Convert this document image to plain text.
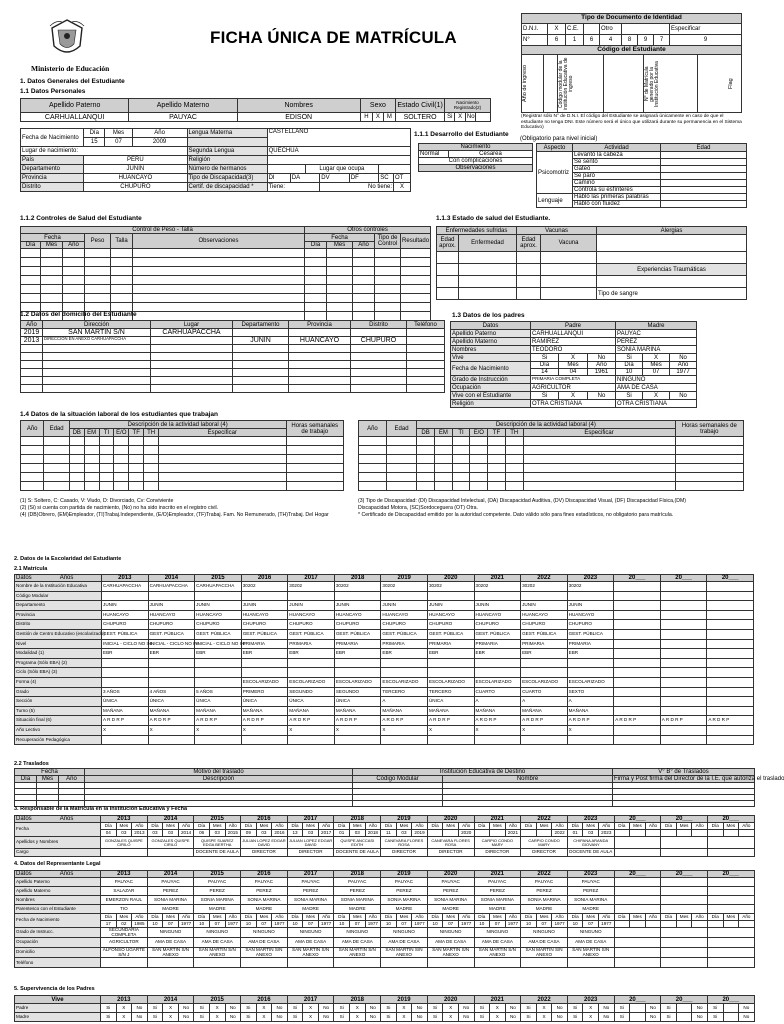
Ministerio de Educación
FICHA ÚNICA DE MATRÍCULA
Tipo de Documento de Identidad								
D.N.I.	X	C.E.		Otro				Especificar
N°	6	1	6	4	8	9	7	9
Código del Estudiante

Año de ingreso		Código modular de la institución Educativa de ingreso		N° de Matrícula generado por la Institución Educativa	Flag
(Registrar sólo N° de D.N.I. El código del Estudiante se asignará únicamente en caso de que el estudiante no tenga DNI. Este número será el único que utilizará durante su permanencia en el Sistema Educativo)
1. Datos Generales del Estudiante
1.1 Datos Personales
Apellido Paterno	Apellido Materno	Nombres	Sexo			Estado Civil(1)	Nacimiento Registrado(2)			
CARHUALLANQUI	PAUYAC	EDISON	H	X	M	SOLTERO	Si	X	No	
Fecha de Nacimiento	Día	Mes	Año	Lengua Materna	CASTELLANO						
	15	07	2009								
Lugar de nacimiento:				Segunda Lengua	QUECHUA						
País	PERÚ			Religión							
Departamento	JUNIN			Número de hermanos			Lugar que ocupa				
Provincia	HUANCAYO			Tipo de Discapacidad(3)	DI	DA		DV	DF	SC	OT
Distrito	CHUPURO			Certif. de discapacidad *	Tiene:			No tiene:			X
1.1.1 Desarrollo del Estudiante
(Obligatorio para nivel inicial)
Nacimiento
Normal	Cesarea
Con complicaciones
Observaciones
Aspecto	Actividad	Edad
Psicomotriz	Levantó la cabeza	
	Se sentó	
	Gateó	
	Se paró	
	Caminó	
	Controla su esfínteres	
Lenguaje	Habló las primeras palabras	
	Habló con fluidez	
1.1.2 Controles de Salud del Estudiante
Control de Peso - Talla						Otros controles				
Fecha			Peso	Talla	Observaciones	Fecha			Tipo de Control	Resultado
Día	Mes	Año				Día	Mes	Año		

1.1.3 Estado de salud del Estudiante.
Enfermedades sufridas		Vacunas		Alergias
Edad aprox.	Enfermedad	Edad aprox.	Vacuna	

				Experiencias Traumáticas

				Tipo de sangre
1.2 Datos del domicilio del Estudiante
Año	Dirección	Lugar	Departamento	Provincia	Distrito	Teléfono
2019	SAN MARTIN S/N	CARHUAPACCHA				
2013	DIRECCION EN ANEXO CARHUAPACCHA		JUNIN	HUANCAYO	CHUPURO	

1.3 Datos de los padres
Datos	Padre			Madre		
Apellido Paterno	CARHUALLANQUI			PAUYAC		
Apellido Materno	RAMIREZ			PEREZ		
Nombres	TEODORO			SONIA MARINA		
Vive	Si	X	No	Si	X	No
Fecha de Nacimiento	Día	Mes	Año	Día	Mes	Año
	14	04	1961	10	07	1977
Grado de Instrucción	PRIMARIA COMPLETA			NINGUNO		
Ocupación	AGRICULTOR			AMA DE CASA		
Vive con el Estudiante	Si	X	No	Si	X	No
Religión	OTRA CRISTIANA			OTRA CRISTIANA		
1.4 Datos de la situación laboral de los estudiantes que trabajan
Año	Edad	Descripción de la actividad laboral (4)							Horas semanales de trabajo
		DB	EM	TI	E/O	TF	TH	Especificar	

Año	Edad	Descripción de la actividad laboral (4)							Horas semanales de trabajo
		DB	EM	TI	E/O	TF	TH	Especificar	

(1) S: Soltero, C: Casado, V: Viudo, D: Divorciado, Cv: Conviviente
(2) (Si) si cuenta con partida de nacimiento, (No) no ha sido inscrito en el registro civil.
(4) (DB)Obrero, (EM)Empleador, (TI)Trabaj.Independiente, (E/O)Empleador, (TF)Trabaj. Fam. No Remunerado, (TH)Trabaj. Del Hogar
(3) Tipo de Discapacidad: (DI) Discapacidad Intelectual, (DA) Discapacidad Auditiva, (DV) Discapacidad Visual, (DF) Discapacidad Física,(DM) Discapacidad Motora, (SC)Sordoceguera (OT) Otra.
* Certificado de Discapacidad emitido por la autoridad competente. Dato válido sólo para fines estadísticos, no obligatorio para matrícula.
2. Datos de la Escolaridad del Estudiante
2.1 Matrícula
Datos Años	2013	2014	2015	2016	2017	2018	2019	2020	2021	2022	2023	20___	20___	20___
Nombre de la Institución Educativa	CARHUAPACCHA	CARHUAPACCHA	CARHUAPACCHA	30202	30202	30202	30202	30202	30202	30202	30202			
Código Modular														
Departamento	JUNIN	JUNIN	JUNIN	JUNIN	JUNIN	JUNIN	JUNIN	JUNIN	JUNIN	JUNIN	JUNIN			
Provincia	HUANCAYO	HUANCAYO	HUANCAYO	HUANCAYO	HUANCAYO	HUANCAYO	HUANCAYO	HUANCAYO	HUANCAYO	HUANCAYO	HUANCAYO			
Distrito	CHUPURO	CHUPURO	CHUPURO	CHUPURO	CHUPURO	CHUPURO	CHUPURO	CHUPURO	CHUPURO	CHUPURO	CHUPURO			
Gestión de Centro Educativo (escolarizado)	GEST. PÚBLICA	GEST. PÚBLICA	GEST. PÚBLICA	GEST. PÚBLICA	GEST. PÚBLICA	GEST. PÚBLICA	GEST. PÚBLICA	GEST. PÚBLICA	GEST. PÚBLICA	GEST. PÚBLICA	GEST. PÚBLICA			
Nivel	INICIAL - CICLO NO INI	INICIAL - CICLO NO INI	INICIAL - CICLO NO INI	PRIMARIA	PRIMARIA	PRIMARIA	PRIMARIA	PRIMARIA	PRIMARIA	PRIMARIA	PRIMARIA			
Modalidad (1)	EBR	EBR	EBR	EBR	EBR	EBR	EBR	EBR	EBR	EBR	EBR			
Programa (Sólo EBA) (2)														
Ciclo (Sólo EBA) (3)														
Forma (4)				ESCOLARIZADO	ESCOLARIZADO	ESCOLARIZADO	ESCOLARIZADO	ESCOLARIZADO	ESCOLARIZADO	ESCOLARIZADO	ESCOLARIZADO			
Grado	3 AÑOS	4 AÑOS	5 AÑOS	PRIMERO	SEGUNDO	SEGUNDO	TERCERO	TERCERO	CUARTO	CUARTO	SEXTO			
Sección	ÚNICA	ÚNICA	ÚNICA	ÚNICA	ÚNICA	ÚNICA	A	ÚNICA	A	A	A			
Turno (5)	MAÑANA	MAÑANA	MAÑANA	MAÑANA	MAÑANA	MAÑANA	MAÑANA	MAÑANA	MAÑANA	MAÑANA	MAÑANA			
Situación final (6)	A R D R P	A R D R P	A R D R P	A R D R P	A R D R P	A R D R P	A R D R P	A R D R P	A R D R P	A R D R P	A R D R P	A R D R P	A R D R P	A R D R P
Año Lectivo	X	X	X	X	X	X	X	X	X	X	X			
Recuperación Pedagógica														
2.2 Traslados
Fecha			Motivo del traslado	Institución Educativa de Destino		V° B° de Traslados
Día	Mes	Año	Descripción	Código Modular	Nombre	Firma y Post firma del Director de la I.E. que autoriza el traslado

3. Responsable de la Matrícula en la Institución Educativa y Fecha
Datos Años	2013			2014			2015			2016			2017			2018			2019			2020			2021			2022			2023			20___			20___			20___		
Fecha	Día	Mes	Año	Día	Mes	Año	Día	Mes	Año	Día	Mes	Año	Día	Mes	Año	Día	Mes	Año	Día	Mes	Año	Día	Mes	Año	Día	Mes	Año	Día	Mes	Año	Día	Mes	Año	Día	Mes	Año	Día	Mes	Año	Día	Mes	Año
	04	03	2013	03	03	2014	06	03	2015	09	03	2016	13	03	2017	01	03	2018	11	03	2019			2020			2021			2022	01	03	2023									
Apellidos y Nombres	GONZALES QUISPE CIRILO			GONZALES QUISPE CIRILO			QUISPE SUAREZ EDGA BERTHA			JULIAN LOPEZ EDGAR DAVID			JULIAN LOPEZ EDGAR DAVID			QUISPE ANCCASI EDITH			CANEVARA FLORES ROSA			CANEVARA FLORES ROSA			CARPIO CONDO MARY			CARPIO CONDO MARY			CHIPANA ARANDA GIOVANY											
Cargo							DOCENTE DE AULA			DIRECTOR			DIRECTOR			DOCENTE DE AULA			DIRECTOR			DIRECTOR			DIRECTOR			DIRECTOR			DOCENTE DE AULA											
4. Datos del Representante Legal
Datos Años	2013			2014			2015			2016			2017			2018			2019			2020			2021			2022			2023			20___			20___			20___		
Apellido Paterno	PAUYAC			PAUYAC			PAUYAC			PAUYAC			PAUYAC			PAUYAC			PAUYAC			PAUYAC			PAUYAC			PAUYAC			PAUYAC											
Apellido Materno	SALAZAR			PEREZ			PEREZ			PEREZ			PEREZ			PEREZ			PEREZ			PEREZ			PEREZ			PEREZ			PEREZ											
Nombres	EMERZON RAUL			SONIA MARINA			SONIA MARINA			SONIA MARINA			SONIA MARINA			SONIA MARINA			SONIA MARINA			SONIA MARINA			SONIA MARINA			SONIA MARINA			SONIA MARINA											
Parentesco con el Estudiante	TIO			MADRE			MADRE			MADRE			MADRE			MADRE			MADRE			MADRE			MADRE			MADRE			MADRE											
Fecha de Nacimiento	Día	Mes	Año	Día	Mes	Año	Día	Mes	Año	Día	Mes	Año	Día	Mes	Año	Día	Mes	Año	Día	Mes	Año	Día	Mes	Año	Día	Mes	Año	Día	Mes	Año	Día	Mes	Año	Día	Mes	Año	Día	Mes	Año	Día	Mes	Año
	17	02	1985	10	07	1977	10	07	1977	10	07	1977	10	07	1977	10	07	1977	10	07	1977	10	07	1977	10	07	1977	10	07	1977	10	07	1977									
Grado de Instrucc.	SECUNDARIA COMPLETA			NINGUNO			NINGUNO			NINGUNO			NINGUNO			NINGUNO			NINGUNO			NINGUNO			NINGUNO			NINGUNO			NINGUNO											
Ocupación	AGRICULTOR			AMA DE CASA			AMA DE CASA			AMA DE CASA			AMA DE CASA			AMA DE CASA			AMA DE CASA			AMA DE CASA			AMA DE CASA			AMA DE CASA			AMA DE CASA											
Domicilio	ALFONSO UGARTE S/N J			SAN MARTIN S/N ANEXO			SAN MARTIN S/N ANEXO			SAN MARTIN S/N ANEXO			SAN MARTIN S/N ANEXO			SAN MARTIN S/N ANEXO			SAN MARTIN S/N ANEXO			SAN MARTIN S/N ANEXO			SAN MARTIN S/N ANEXO			SAN MARTIN S/N ANEXO			SAN MARTIN S/N ANEXO											
Teléfono																																										
5. Supervivencia de los Padres
Vive	2013			2014			2015			2016			2017			2018			2019			2020			2021			2022			2023			20___			20___			20___		
Padre	Si	X	No	Si	X	No	Si	X	No	Si	X	No	Si	X	No	Si	X	No	Si	X	No	Si	X	No	Si	X	No	Si	X	No	Si	X	No	Si		No	Si		No	Si		No
Madre	Si	X	No	Si	X	No	Si	X	No	Si	X	No	Si	X	No	Si	X	No	Si	X	No	Si	X	No	Si	X	No	Si	X	No	Si	X	No	Si		No	Si		No	Si		No
